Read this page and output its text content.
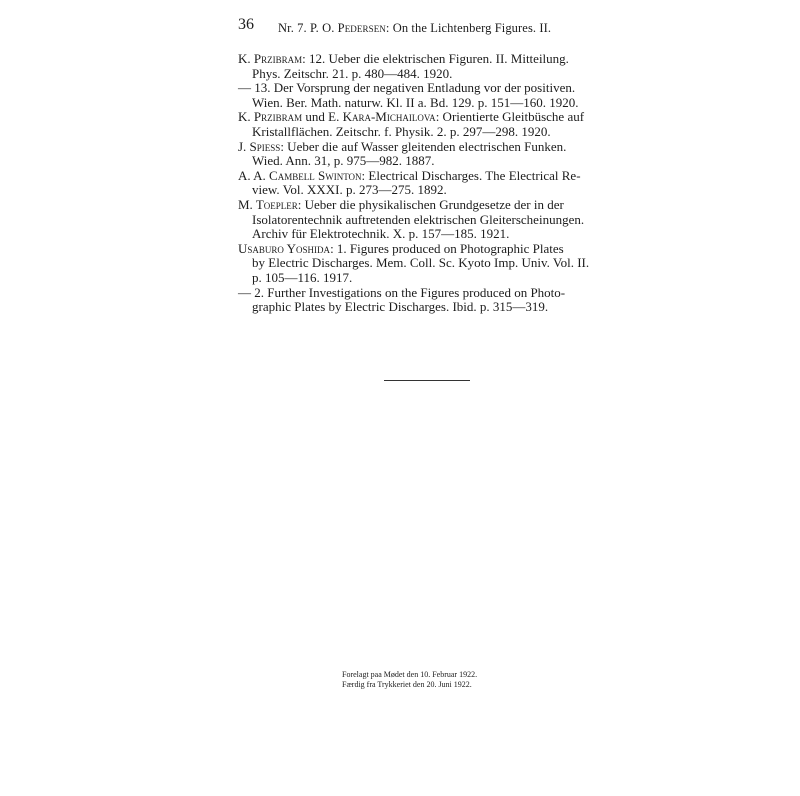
36 Nr. 7. P. O. Pedersen: On the Lichtenberg Figures. II.

K. Przibram: 12. Ueber die elektrischen Figuren. II. Mitteilung.
Phys. Zeitschr. 21. p. 480—484. 1920.

— 13. Der Vorsprung der negativen Entladung vor der positiven.
Wien. Ber. Math. naturw. Kl. II a. Bd. 129. p. 151—160. 1920.

K. Przibram und E. Kara-Michailova: Orientierte Gleitbüsche auf
Kristallflächen. Zeitschr. f. Physik. 2. p. 297—298. 1920.

J. Spiess: Ueber die auf Wasser gleitenden electrischen Funken.
Wied. Ann. 31, p. 975—982. 1887.

A. A. Cambell Swinton: Electrical Discharges. The Electrical Re-
view. Vol. XXXI. p. 273—275. 1892.

M. Toepler: Ueber die physikalischen Grundgesetze der in der
Isolatorentechnik auftretenden elektrischen Gleiterscheinungen.
Archiv für Elektrotechnik. X. p. 157—185. 1921.

Usaburo Yoshida: 1. Figures produced on Photographic Plates
by Electric Discharges. Mem. Coll. Sc. Kyoto Imp. Univ. Vol. II.
p. 105—116. 1917.

— 2. Further Investigations on the Figures produced on Photo-
graphic Plates by Electric Discharges. Ibid. p. 315—319.

Forelagt paa Mødet den 10. Februar 1922.
Færdig fra Trykkeriet den 20. Juni 1922.
